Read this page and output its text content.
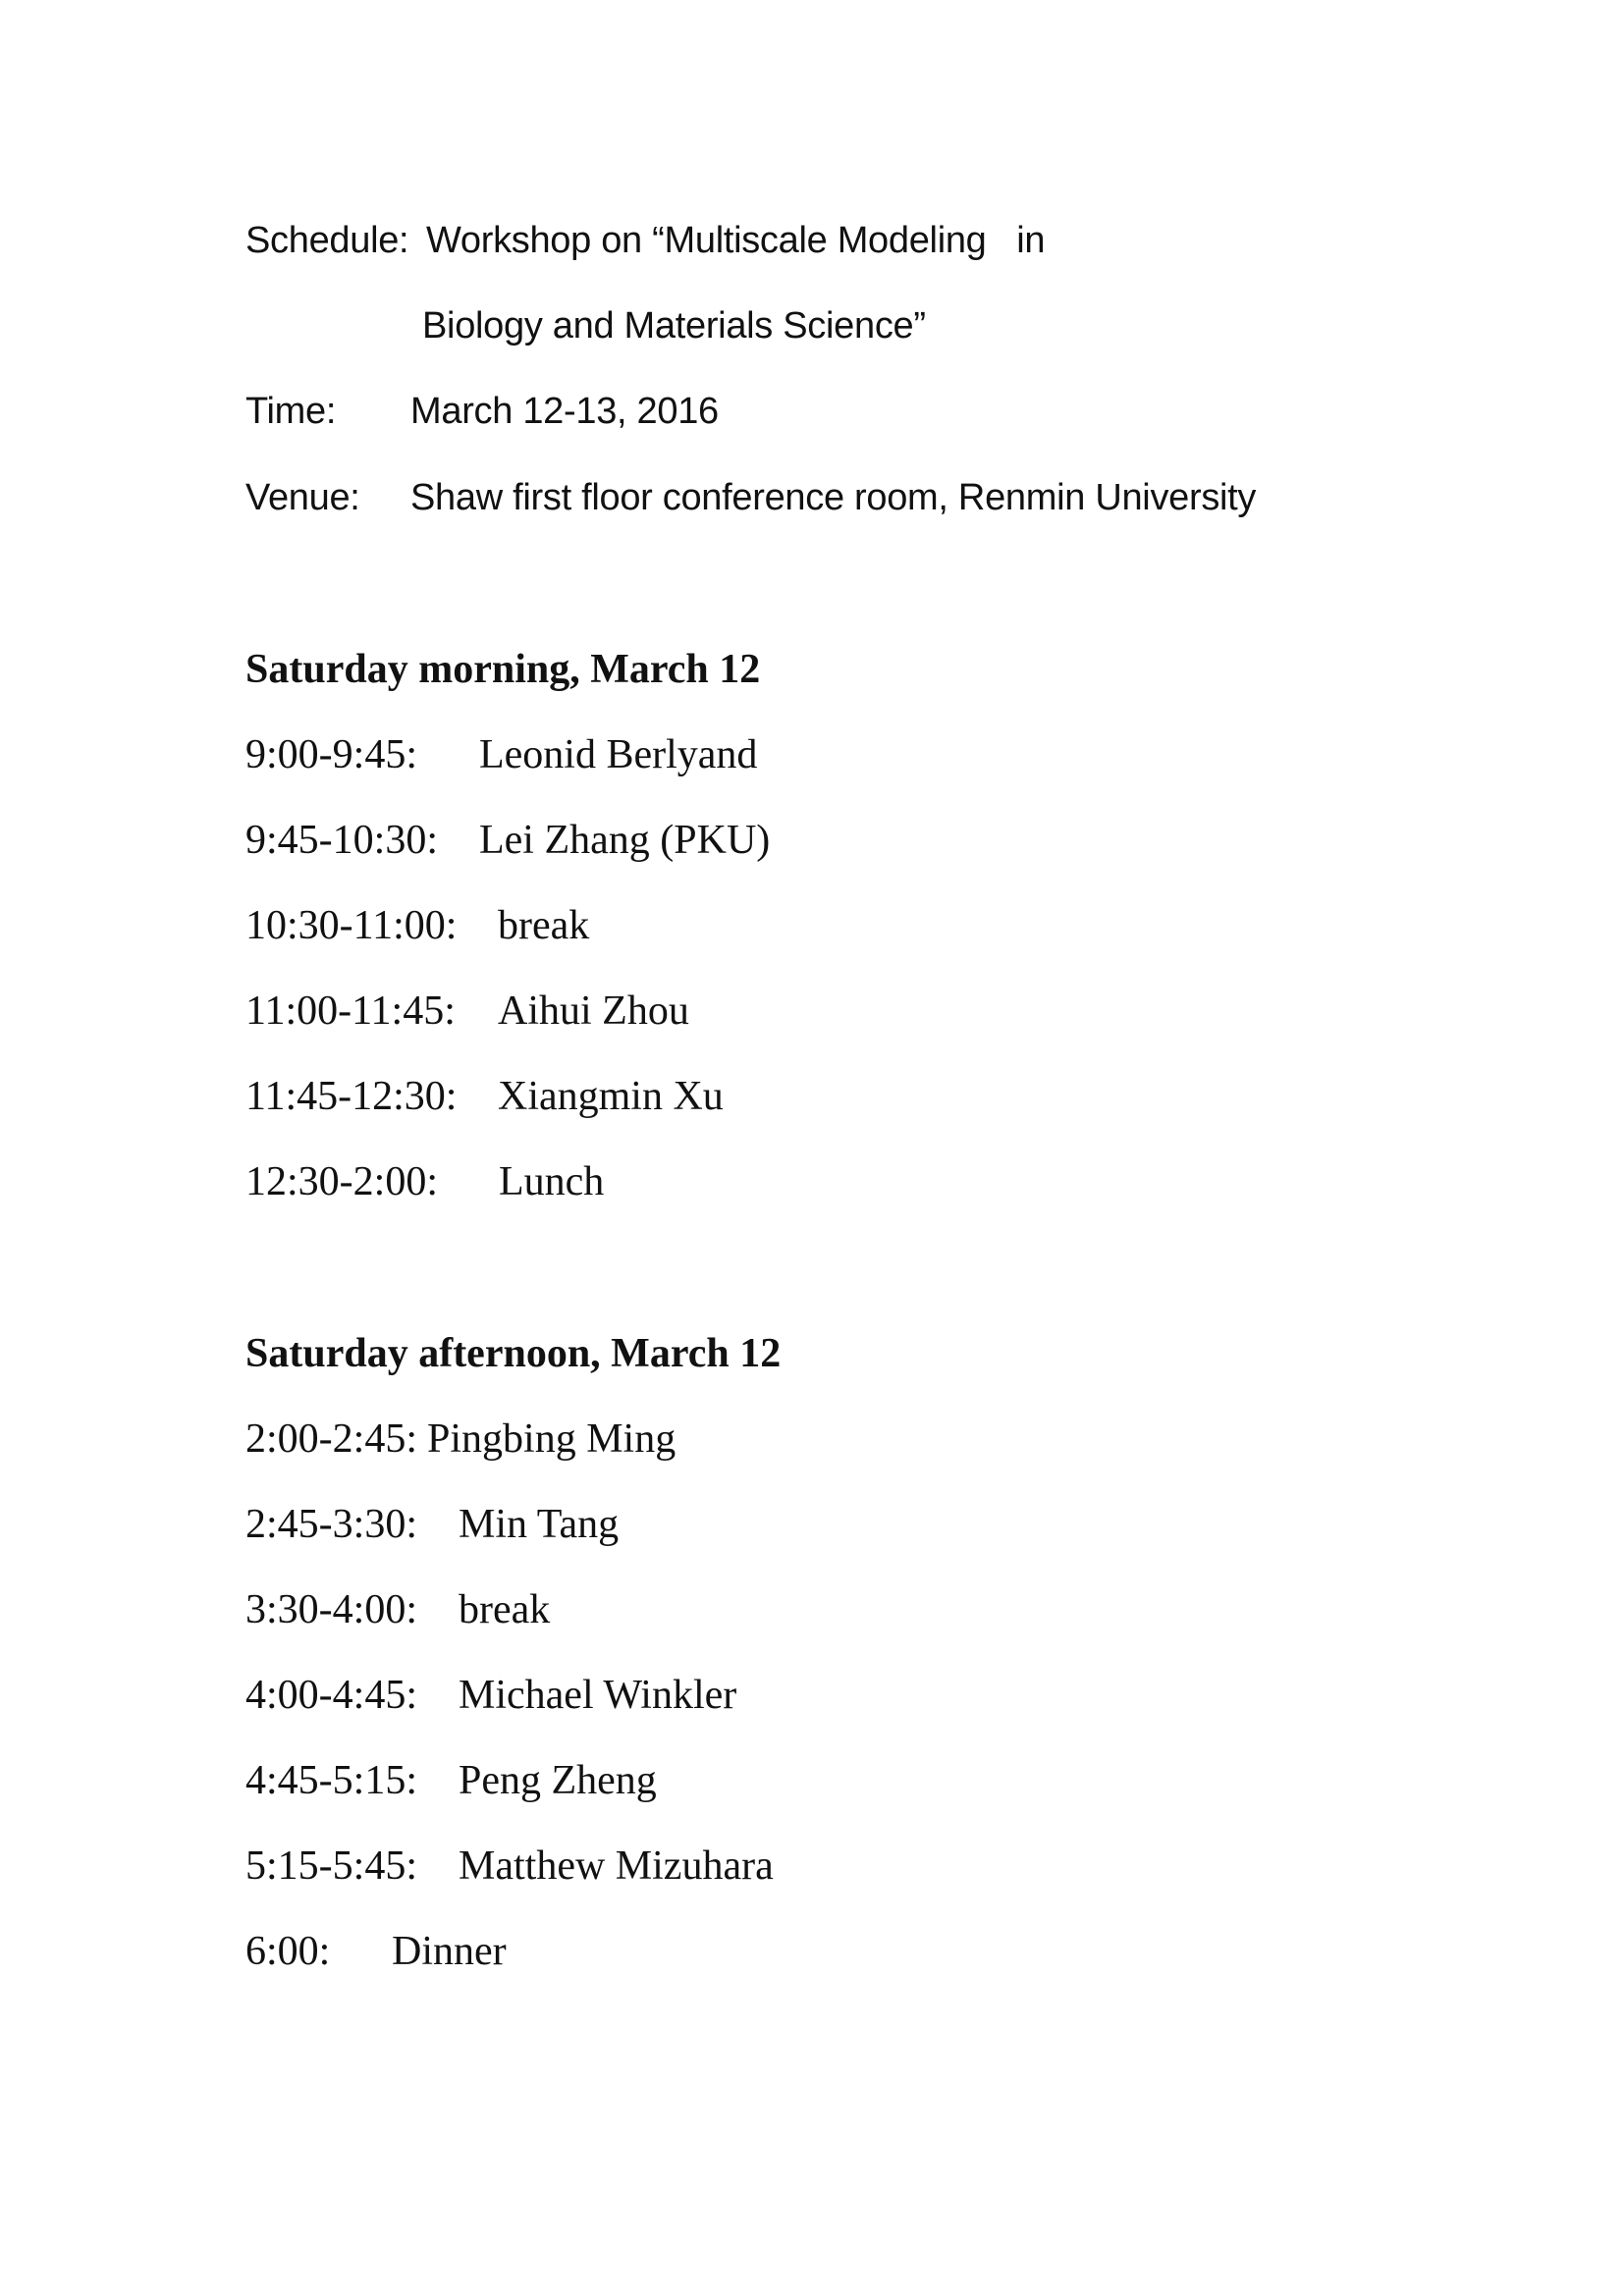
Schedule: Workshop on “Multiscale Modeling   in
Biology and Materials Science”
Time: March 12-13, 2016
Venue: Shaw first floor conference room, Renmin University
Saturday morning, March 12
9:00-9:45: Leonid Berlyand
9:45-10:30: Lei Zhang (PKU)
10:30-11:00: break
11:00-11:45: Aihui Zhou
11:45-12:30: Xiangmin Xu
12:30-2:00: Lunch
Saturday afternoon, March 12
2:00-2:45: Pingbing Ming
2:45-3:30: Min Tang
3:30-4:00: break
4:00-4:45: Michael Winkler
4:45-5:15: Peng Zheng
5:15-5:45: Matthew Mizuhara
6:00: Dinner
